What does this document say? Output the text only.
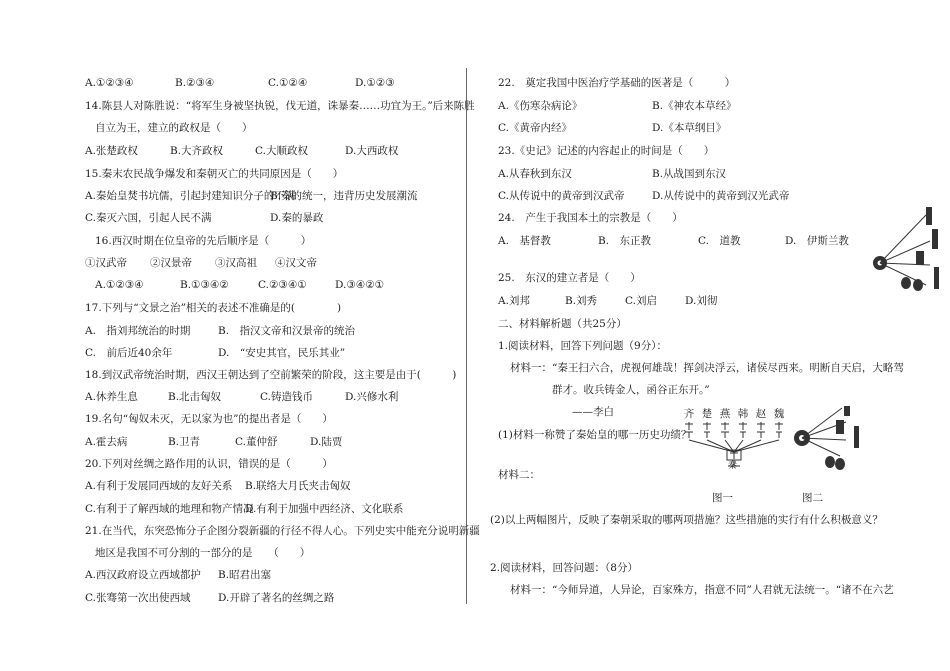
A.①②③④	B.②③④	C.①②④	D.①②③
14.陈县人对陈胜说：“将军生身被坚执锐，伐无道，诛暴秦……功宜为王。”后来陈胜
自立为王，建立的政权是（　　）
A.张楚政权	B.大齐政权	C.大顺政权	D.大西政权
15.秦末农民战争爆发和秦朝灭亡的共同原因是（　　）
A.秦始皇焚书坑儒，引起封建知识分子的不满
B.秦的统一，违背历史发展潮流
C.秦灭六国，引起人民不满	D.秦的暴政
16.西汉时期在位皇帝的先后顺序是（　　　）
①汉武帝 ②汉景帝 ③汉高祖 ④汉文帝
A.①②③④	B.①③④②	C.②③④①	D.③④②①
17.下列与“文景之治”相关的表述不准确是的(　　　　)
A.　指刘邦统治的时期	B.　指汉文帝和汉景帝的统治
C.　前后近40余年	D.　“安史其官，民乐其业”
18.到汉武帝统治时期，西汉王朝达到了空前繁荣的阶段，这主要是由于(　　　)
A.休养生息	B.北击匈奴	C.铸造钱币	D.兴修水利
19.名句“匈奴未灭，无以家为也”的提出者是（　　）
A.霍去病	B.卫青	C.董仲舒	D.陆贾
20.下列对丝绸之路作用的认识，错误的是（　　　）
A.有利于发展同西域的友好关系 B.联络大月氏夹击匈奴
C.有利于了解西域的地理和物产情况
D.有利于加强中西经济、文化联系
21.在当代，东突恐怖分子企图分裂新疆的行径不得人心。下列史实中能充分说明新疆
地区是我国不可分割的一部分的是　　（　　）
A.西汉政府设立西域都护 B.昭君出塞
C.张骞第一次出使西域	D.开辟了著名的丝绸之路
22.　奠定我国中医治疗学基础的医著是（　　　）
A.《伤寒杂病论》	B.《神农本草经》
C.《黄帝内经》	D.《本草纲目》
23.《史记》记述的内容起止的时间是（　　）
A.从春秋到东汉	B.从战国到东汉
C.从传说中的黄帝到汉武帝	D.从传说中的黄帝到汉光武帝
24.　产生于我国本土的宗教是（　　）
A.　基督教	B.　东正教	C.　道教	D.　伊斯兰教
25.　东汉的建立者是（　　）
A.刘邦	B.刘秀	C.刘启	D.刘彻
二、材料解析题（共25分）
1.阅读材料，回答下列问题（9分）：
材料一：“秦王扫六合，虎视何雄哉！挥剑决浮云，诸侯尽西来。明断自天启，大略驾
群才。收兵铸金人，函谷正东开。”
——李白
(1)材料一称赞了秦始皇的哪一历史功绩？
材料二：
图一	图二
(2)以上两幅图片，反映了秦朝采取的哪两项措施？这些措施的实行有什么积极意义？
2.阅读材料，回答问题：（8分）
材料一：“今师异道，人异论，百家殊方，指意不同”人君就无法统一。“诸不在六艺
齐 楚 燕 韩 赵 魏
秦
